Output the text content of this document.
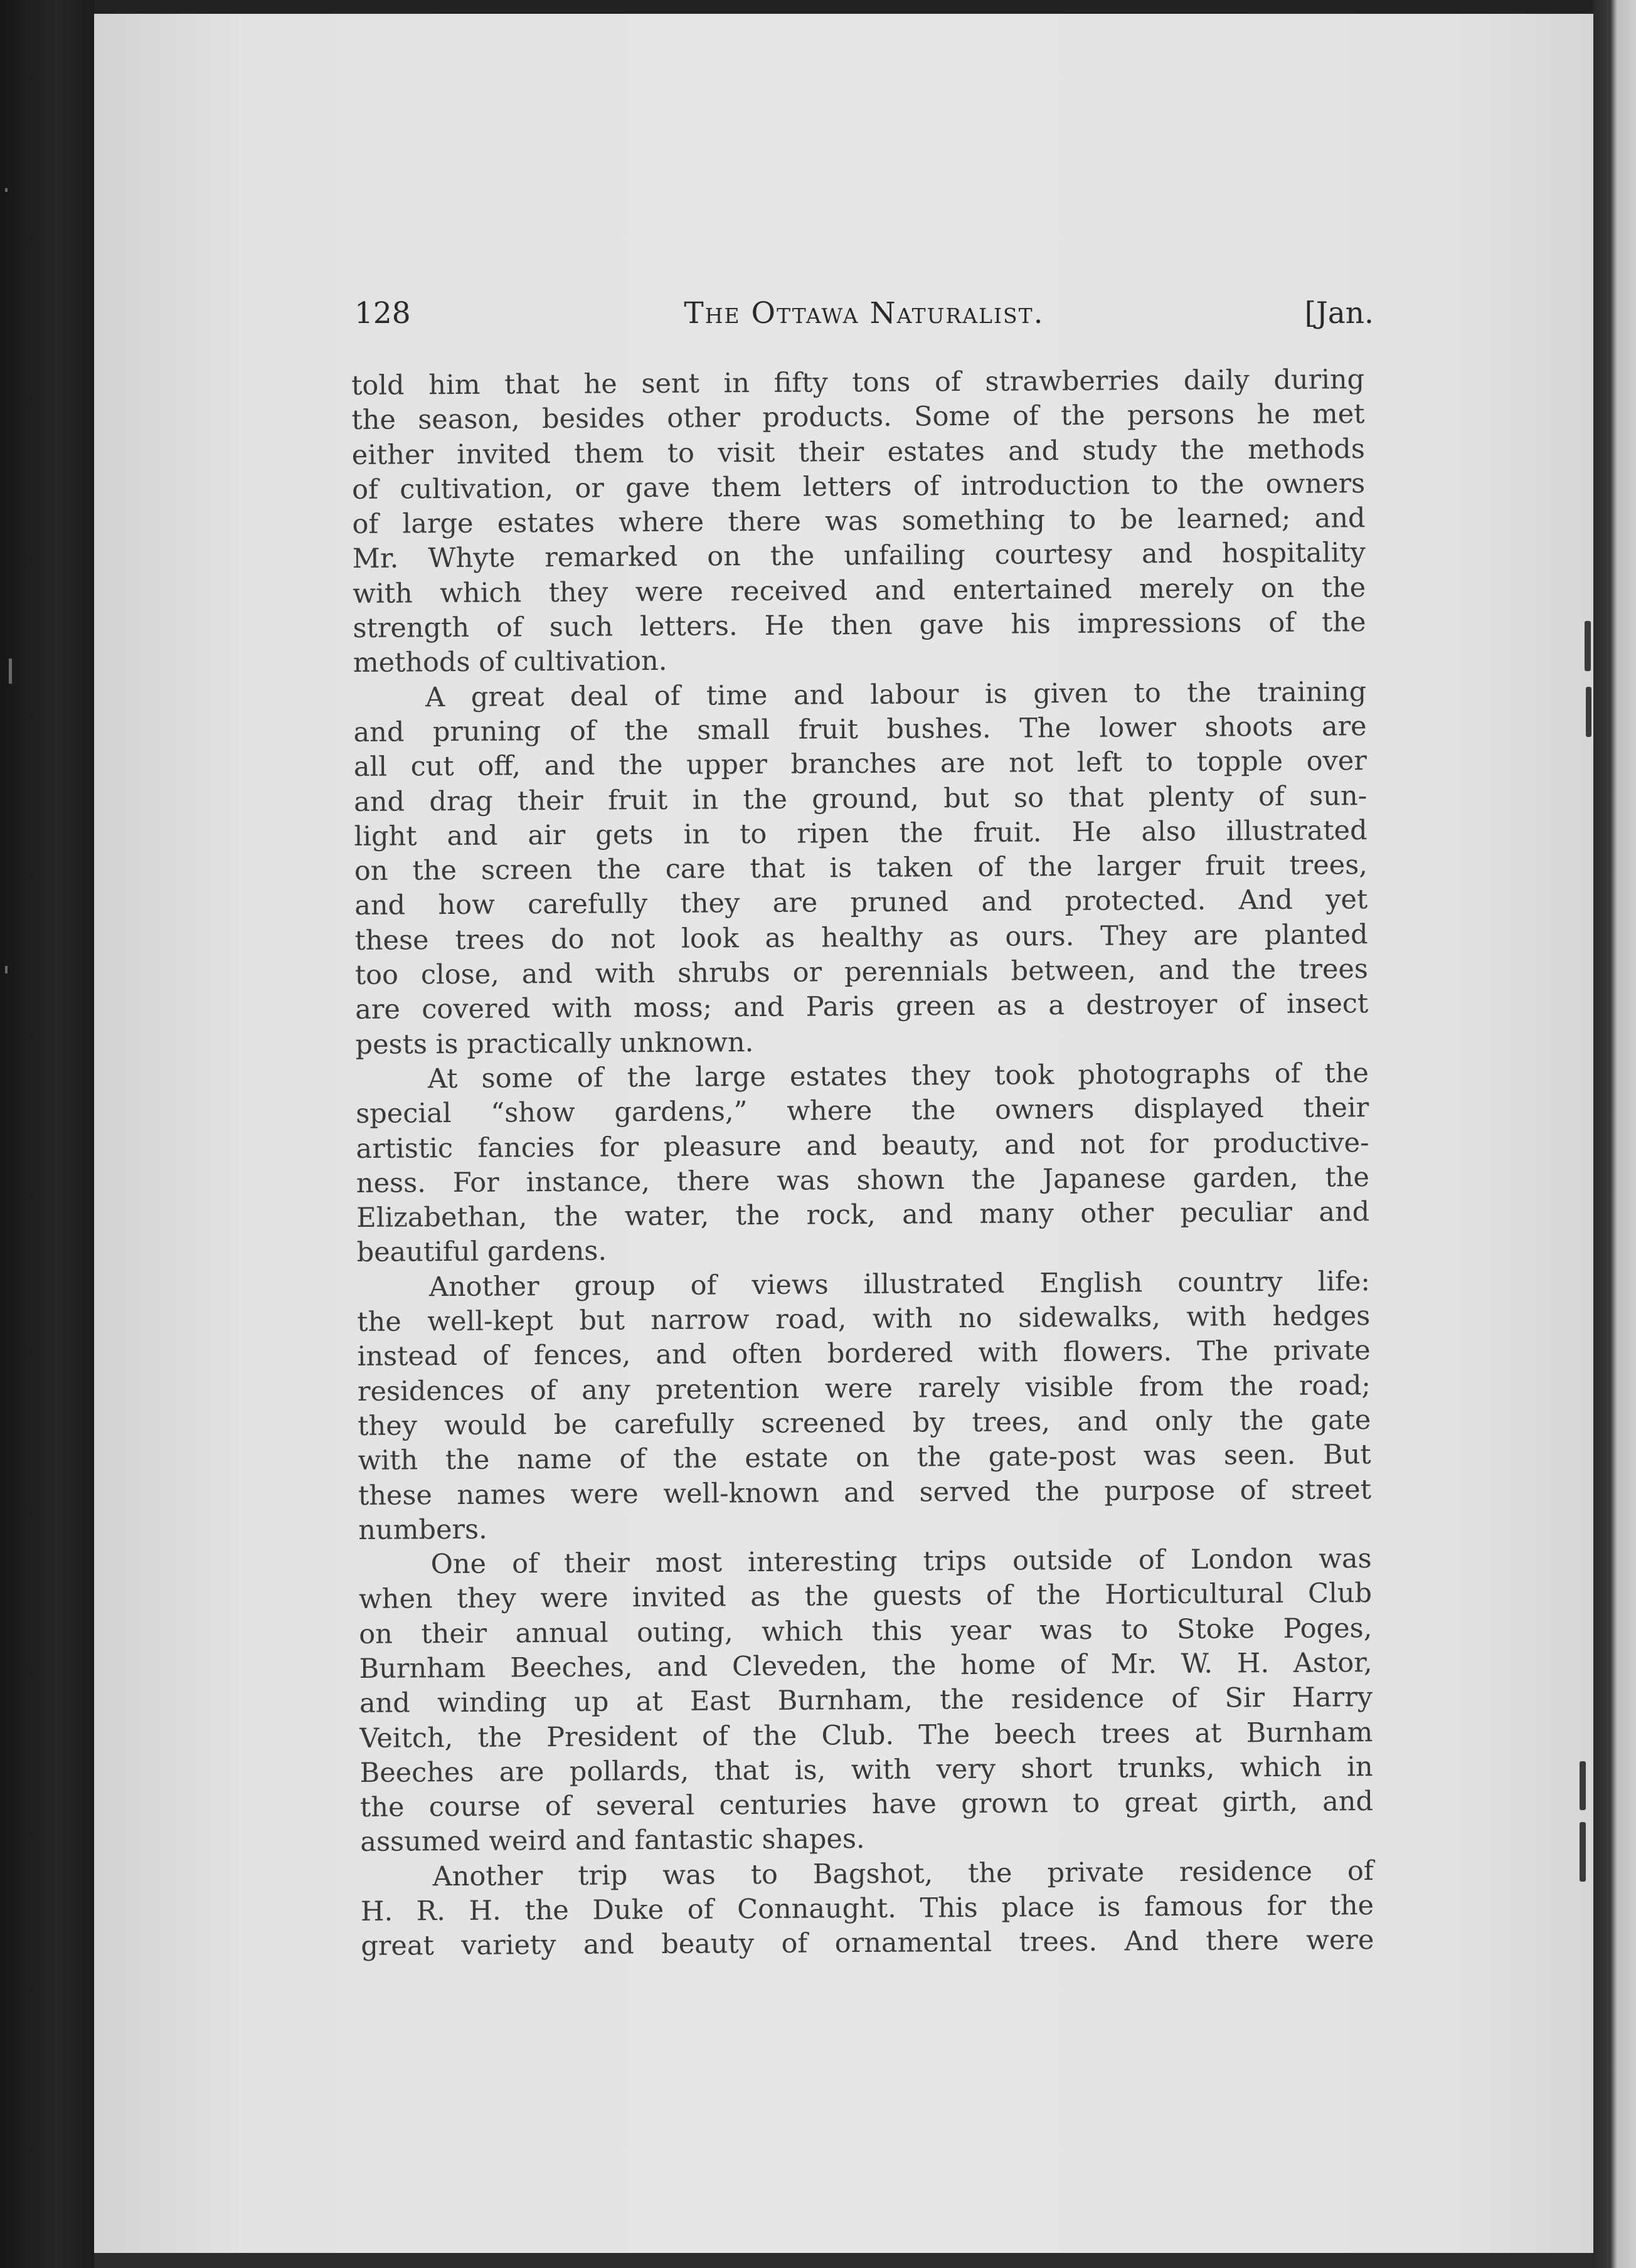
128	The Ottawa Naturalist.	[Jan.

told him that he sent in fifty tons of strawberries daily during

the season, besides other products. Some of the persons he met

either invited them to visit their estates and study the methods

of cultivation, or gave them letters of introduction to the owners

of large estates where there was something to be learned; and

Mr. Whyte remarked on the unfailing courtesy and hospitality

with which they were received and entertained merely on the

strength of such letters. He then gave his impressions of the

methods of cultivation.

A great deal of time and labour is given to the training

and pruning of the small fruit bushes. The lower shoots are

all cut off, and the upper branches are not left to topple over

and drag their fruit in the ground, but so that plenty of sun-

light and air gets in to ripen the fruit. He also illustrated

on the screen the care that is taken of the larger fruit trees,

and how carefully they are pruned and protected. And yet

these trees do not look as healthy as ours. They are planted

too close, and with shrubs or perennials between, and the trees

are covered with moss; and Paris green as a destroyer of insect

pests is practically unknown.

At some of the large estates they took photographs of the

special “show gardens,” where the owners displayed their

artistic fancies for pleasure and beauty, and not for productive-

ness. For instance, there was shown the Japanese garden, the

Elizabethan, the water, the rock, and many other peculiar and

beautiful gardens.

Another group of views illustrated English country life:

the well-kept but narrow road, with no sidewalks, with hedges

instead of fences, and often bordered with flowers. The private

residences of any pretention were rarely visible from the road;

they would be carefully screened by trees, and only the gate

with the name of the estate on the gate-post was seen. But

these names were well-known and served the purpose of street

numbers.

One of their most interesting trips outside of London was

when they were invited as the guests of the Horticultural Club

on their annual outing, which this year was to Stoke Poges,

Burnham Beeches, and Cleveden, the home of Mr. W. H. Astor,

and winding up at East Burnham, the residence of Sir Harry

Veitch, the President of the Club. The beech trees at Burnham

Beeches are pollards, that is, with very short trunks, which in

the course of several centuries have grown to great girth, and

assumed weird and fantastic shapes.

Another trip was to Bagshot, the private residence of

H. R. H. the Duke of Connaught. This place is famous for the

great variety and beauty of ornamental trees. And there were
